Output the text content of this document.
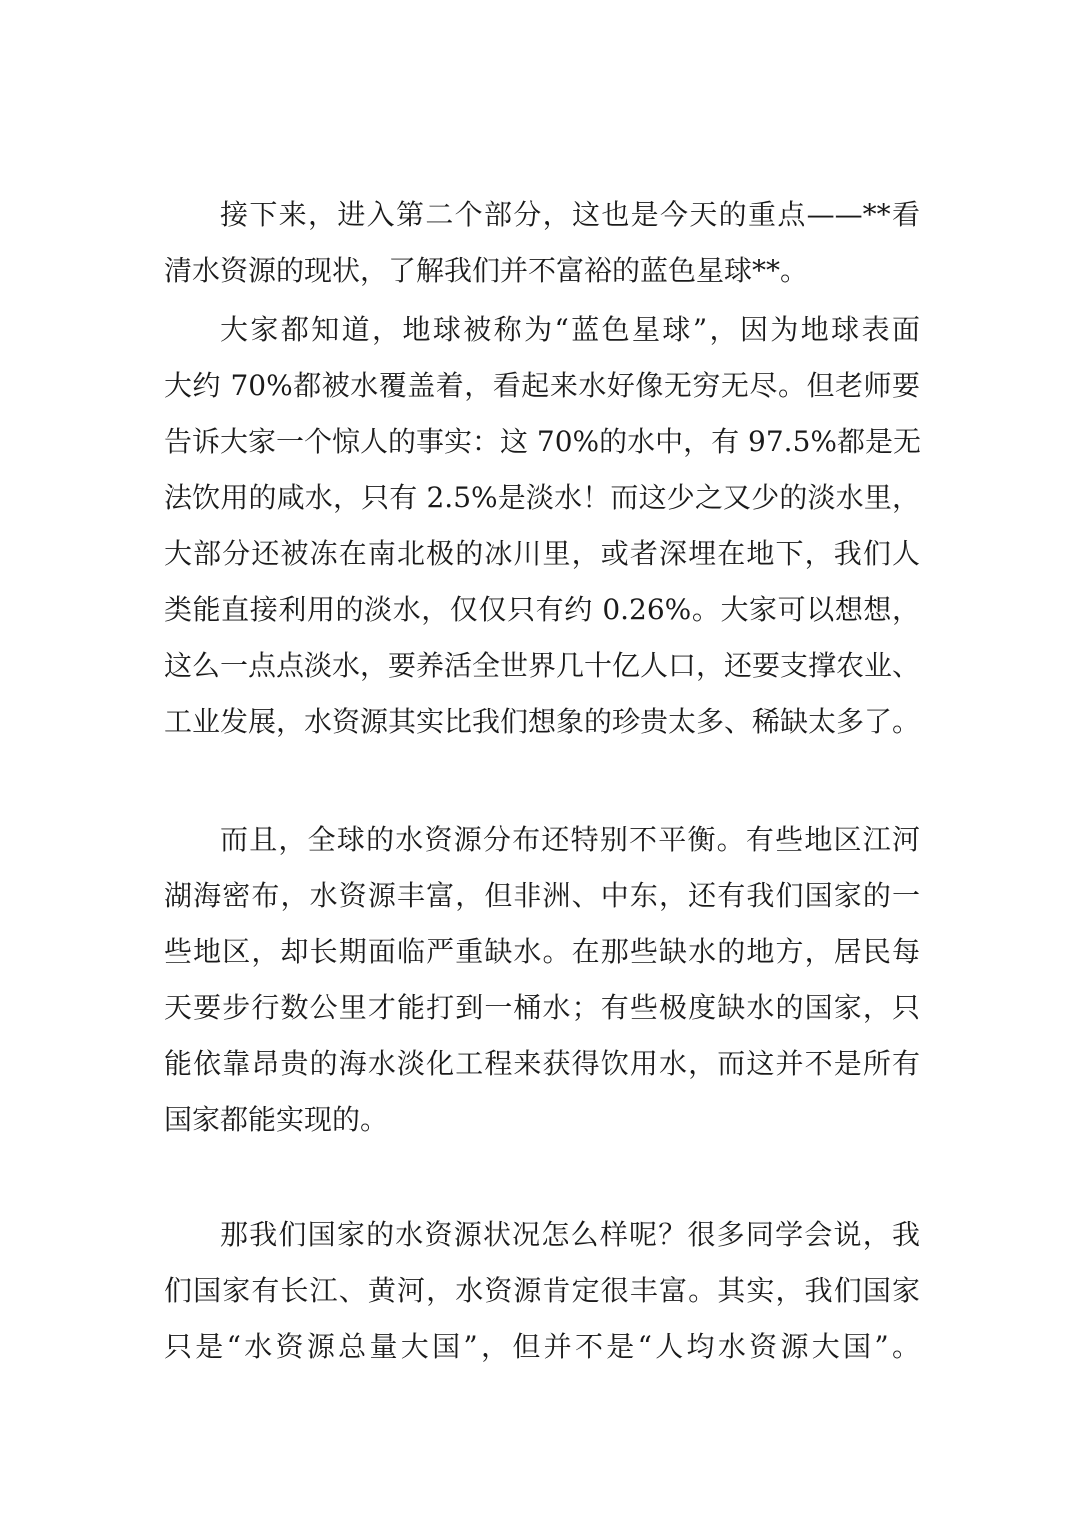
接下来，进入第二个部分，这也是今天的重点——**看
清水资源的现状，了解我们并不富裕的蓝色星球**。
大家都知道，地球被称为“蓝色星球”，因为地球表面
大约 70%都被水覆盖着，看起来水好像无穷无尽。但老师要
告诉大家一个惊人的事实：这 70%的水中，有 97.5%都是无
法饮用的咸水，只有 2.5%是淡水！而这少之又少的淡水里，
大部分还被冻在南北极的冰川里，或者深埋在地下，我们人
类能直接利用的淡水，仅仅只有约 0.26%。大家可以想想，
这么一点点淡水，要养活全世界几十亿人口，还要支撑农业、
工业发展，水资源其实比我们想象的珍贵太多、稀缺太多了。
而且，全球的水资源分布还特别不平衡。有些地区江河
湖海密布，水资源丰富，但非洲、中东，还有我们国家的一
些地区，却长期面临严重缺水。在那些缺水的地方，居民每
天要步行数公里才能打到一桶水；有些极度缺水的国家，只
能依靠昂贵的海水淡化工程来获得饮用水，而这并不是所有
国家都能实现的。
那我们国家的水资源状况怎么样呢？很多同学会说，我
们国家有长江、黄河，水资源肯定很丰富。其实，我们国家
只是“水资源总量大国”，但并不是“人均水资源大国”。
